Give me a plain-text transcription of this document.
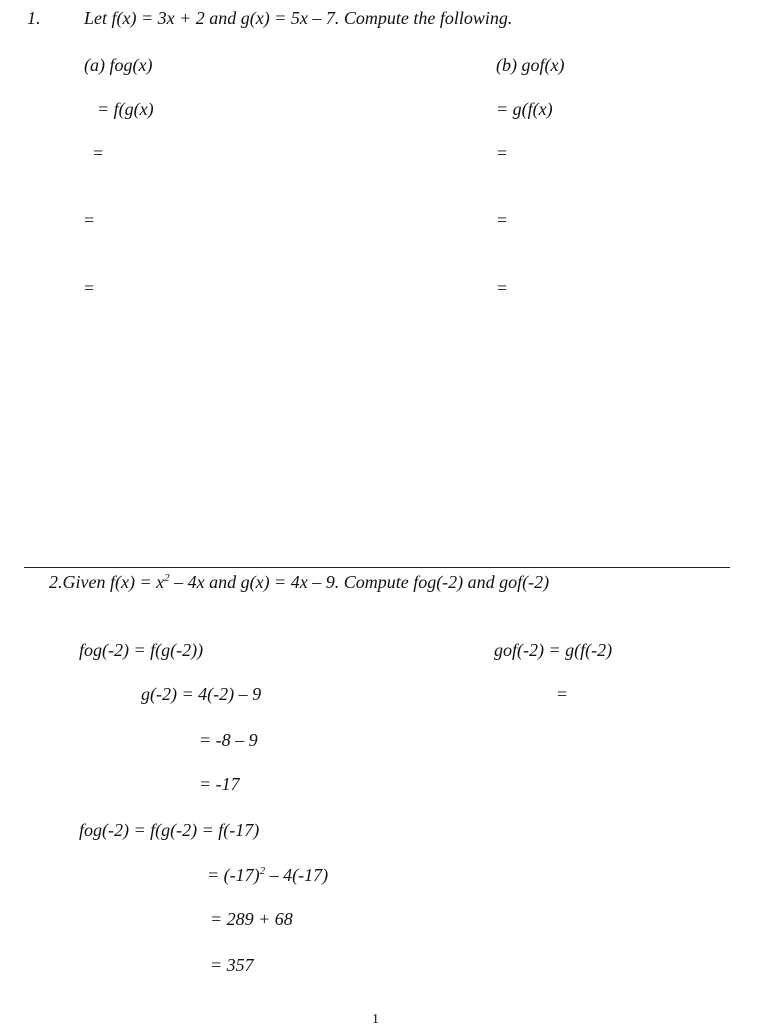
1. Let f(x) = 3x + 2 and g(x) = 5x – 7. Compute the following.
(a) fog(x)	(b) gof(x)
= f(g(x)	= g(f(x)
=	=
=	=
=	=
2.Given $f(x) = x^2 - 4x$ and g(x) = 4x – 9. Compute fog(-2) and gof(-2)
fog(-2) = f(g(-2))	gof(-2) = g(f(-2)
g(-2) = 4(-2) – 9	=
= -8 – 9
= -17
fog(-2) = f(g(-2) = f(-17)
= $(-17)^2 - 4(-17)$
= 289 + 68
= 357
1
